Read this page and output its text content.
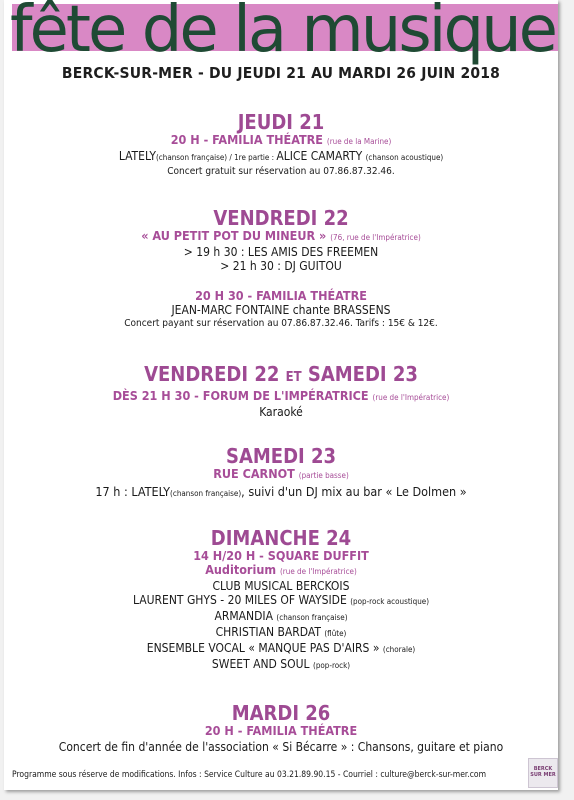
fête de la musique
BERCK-SUR-MER - DU JEUDI 21 AU MARDI 26 JUIN 2018
JEUDI 21
20 H - FAMILIA THÉATRE (rue de la Marine)
LATELY(chanson française) / 1re partie : ALICE CAMARTY (chanson acoustique)
Concert gratuit sur réservation au 07.86.87.32.46.
VENDREDI 22
« AU PETIT POT DU MINEUR » (76, rue de l'Impératrice)
> 19 h 30 : LES AMIS DES FREEMEN
> 21 h 30 : DJ GUITOU
20 H 30 - FAMILIA THÉATRE
JEAN-MARC FONTAINE chante BRASSENS
Concert payant sur réservation au 07.86.87.32.46. Tarifs : 15€ & 12€.
VENDREDI 22 ET SAMEDI 23
DÈS 21 H 30 - FORUM DE L'IMPÉRATRICE (rue de l'Impératrice)
Karaoké
SAMEDI 23
RUE CARNOT (partie basse)
17 h : LATELY(chanson française), suivi d'un DJ mix au bar « Le Dolmen »
DIMANCHE 24
14 H/20 H - SQUARE DUFFIT
Auditorium (rue de l'Impératrice)
CLUB MUSICAL BERCKOIS
LAURENT GHYS - 20 MILES OF WAYSIDE (pop-rock acoustique)
ARMANDIA (chanson française)
CHRISTIAN BARDAT (flûte)
ENSEMBLE VOCAL « MANQUE PAS D'AIRS » (chorale)
SWEET AND SOUL (pop-rock)
MARDI 26
20 H - FAMILIA THÉATRE
Concert de fin d'année de l'association « Si Bécarre » : Chansons, guitare et piano
Programme sous réserve de modifications. Infos : Service Culture au 03.21.89.90.15 - Courriel : culture@berck-sur-mer.com
BERCK SUR MER
